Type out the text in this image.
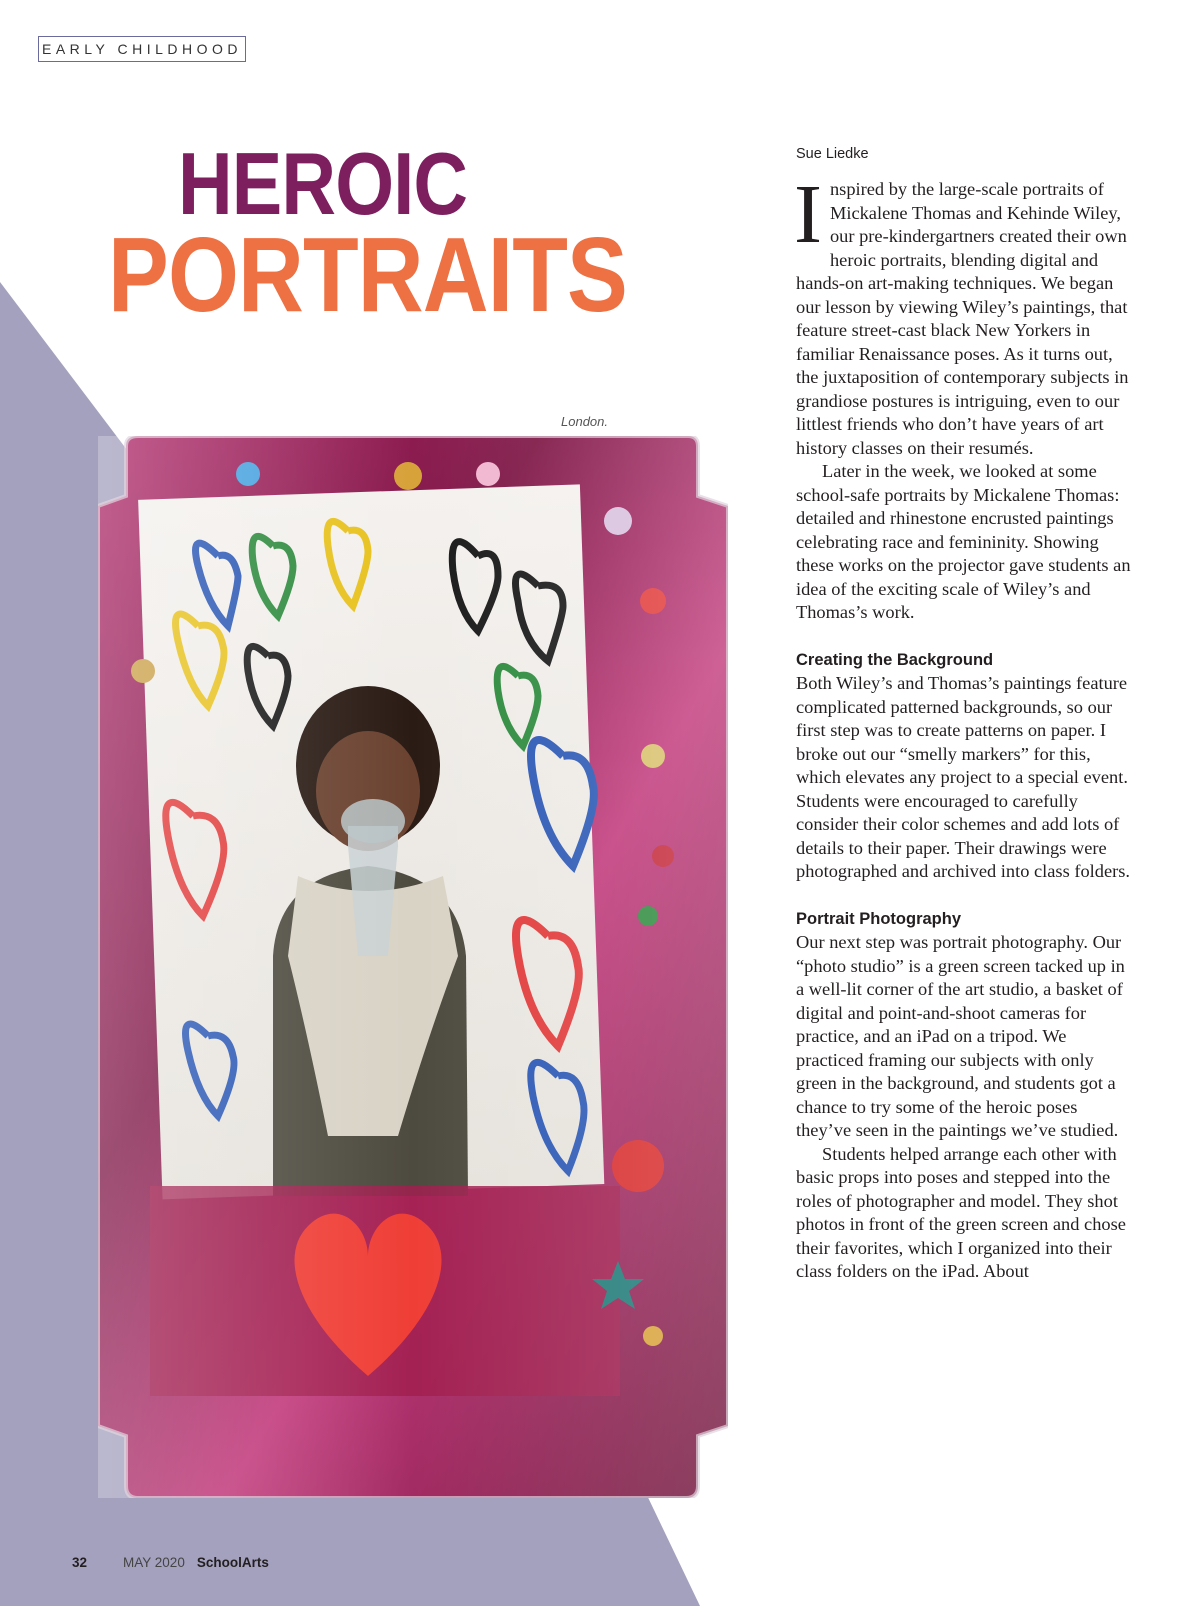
EARLY CHILDHOOD
HEROIC
PORTRAITS
London.
Sue Liedke

Inspired by the large-scale portraits of Mickalene Thomas and Kehinde Wiley, our pre-kindergartners created their own heroic portraits, blending digital and hands-on art-making techniques. We began our lesson by viewing Wiley’s paintings, that feature street-cast black New Yorkers in familiar Renaissance poses. As it turns out, the juxtaposition of contemporary subjects in grandiose postures is intriguing, even to our littlest friends who don’t have years of art history classes on their resumés.

Later in the week, we looked at some school-safe portraits by Mickalene Thomas: detailed and rhinestone encrusted paintings celebrating race and femininity. Showing these works on the projector gave students an idea of the exciting scale of Wiley’s and Thomas’s work.

Creating the Background

Both Wiley’s and Thomas’s paintings feature complicated patterned backgrounds, so our first step was to create patterns on paper. I broke out our “smelly markers” for this, which elevates any project to a special event. Students were encouraged to carefully consider their color schemes and add lots of details to their paper. Their drawings were photographed and archived into class folders.

Portrait Photography

Our next step was portrait photography. Our “photo studio” is a green screen tacked up in a well-lit corner of the art studio, a basket of digital and point-and-shoot cameras for practice, and an iPad on a tripod. We practiced framing our subjects with only green in the background, and students got a chance to try some of the heroic poses they’ve seen in the paintings we’ve studied.

Students helped arrange each other with basic props into poses and stepped into the roles of photographer and model. They shot photos in front of the green screen and chose their favorites, which I organized into their class folders on the iPad. About

32	MAY 2020 SchoolArts
